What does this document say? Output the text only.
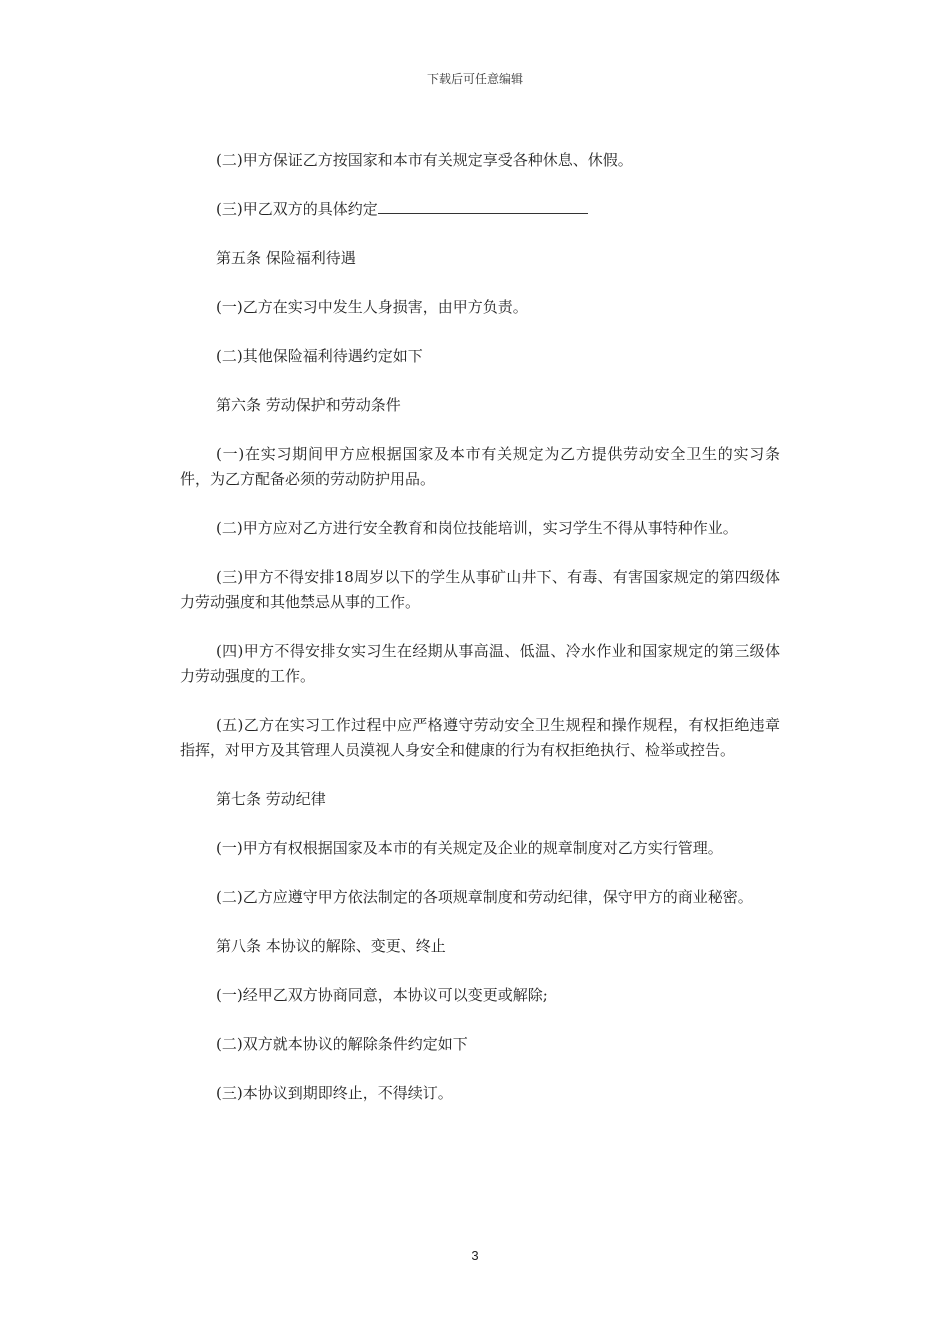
下载后可任意编辑

(二)甲方保证乙方按国家和本市有关规定享受各种休息、休假。

(三)甲乙双方的具体约定

第五条 保险福利待遇

(一)乙方在实习中发生人身损害，由甲方负责。

(二)其他保险福利待遇约定如下

第六条 劳动保护和劳动条件

(一)在实习期间甲方应根据国家及本市有关规定为乙方提供劳动安全卫生的实习条件，为乙方配备必须的劳动防护用品。

(二)甲方应对乙方进行安全教育和岗位技能培训，实习学生不得从事特种作业。

(三)甲方不得安排18周岁以下的学生从事矿山井下、有毒、有害国家规定的第四级体力劳动强度和其他禁忌从事的工作。

(四)甲方不得安排女实习生在经期从事高温、低温、冷水作业和国家规定的第三级体力劳动强度的工作。

(五)乙方在实习工作过程中应严格遵守劳动安全卫生规程和操作规程，有权拒绝违章指挥，对甲方及其管理人员漠视人身安全和健康的行为有权拒绝执行、检举或控告。

第七条 劳动纪律

(一)甲方有权根据国家及本市的有关规定及企业的规章制度对乙方实行管理。

(二)乙方应遵守甲方依法制定的各项规章制度和劳动纪律，保守甲方的商业秘密。

第八条 本协议的解除、变更、终止

(一)经甲乙双方协商同意，本协议可以变更或解除;

(二)双方就本协议的解除条件约定如下

(三)本协议到期即终止，不得续订。

3
